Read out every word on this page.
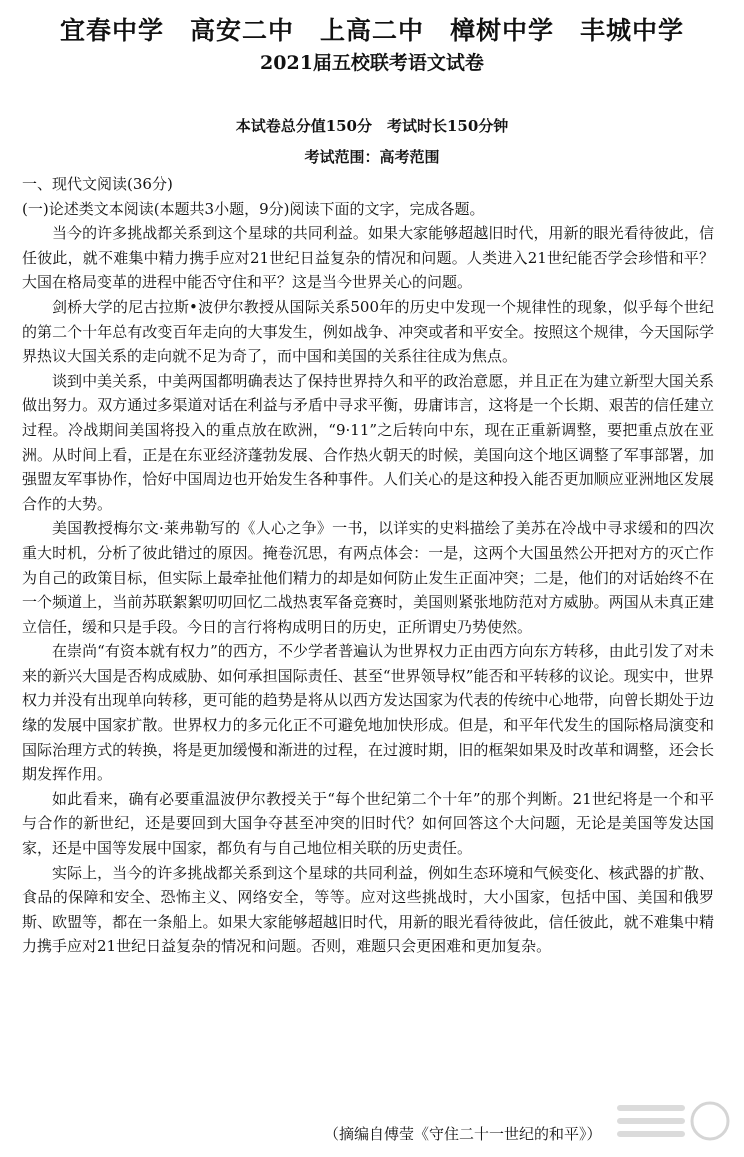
宜春中学　高安二中　上高二中　樟树中学　丰城中学
2021届五校联考语文试卷
本试卷总分值150分　考试时长150分钟
考试范围：高考范围

一、现代文阅读(36分)

(一)论述类文本阅读(本题共3小题，9分)阅读下面的文字，完成各题。

当今的许多挑战都关系到这个星球的共同利益。如果大家能够超越旧时代，用新的眼光看待彼此，信任彼此，就不难集中精力携手应对21世纪日益复杂的情况和问题。人类进入21世纪能否学会珍惜和平？大国在格局变革的进程中能否守住和平？这是当今世界关心的问题。

剑桥大学的尼古拉斯•波伊尔教授从国际关系500年的历史中发现一个规律性的现象，似乎每个世纪的第二个十年总有改变百年走向的大事发生，例如战争、冲突或者和平安全。按照这个规律，今天国际学界热议大国关系的走向就不足为奇了，而中国和美国的关系往往成为焦点。

谈到中美关系，中美两国都明确表达了保持世界持久和平的政治意愿，并且正在为建立新型大国关系做出努力。双方通过多渠道对话在利益与矛盾中寻求平衡，毋庸讳言，这将是一个长期、艰苦的信任建立过程。冷战期间美国将投入的重点放在欧洲，“9·11”之后转向中东，现在正重新调整，要把重点放在亚洲。从时间上看，正是在东亚经济蓬勃发展、合作热火朝天的时候，美国向这个地区调整了军事部署，加强盟友军事协作，恰好中国周边也开始发生各种事件。人们关心的是这种投入能否更加顺应亚洲地区发展合作的大势。

美国教授梅尔文·莱弗勒写的《人心之争》一书，以详实的史料描绘了美苏在冷战中寻求缓和的四次重大时机，分析了彼此错过的原因。掩卷沉思，有两点体会：一是，这两个大国虽然公开把对方的灭亡作为自己的政策目标，但实际上最牵扯他们精力的却是如何防止发生正面冲突；二是，他们的对话始终不在一个频道上，当前苏联絮絮叨叨回忆二战热衷军备竞赛时，美国则紧张地防范对方威胁。两国从未真正建立信任，缓和只是手段。今日的言行将构成明日的历史，正所谓史乃势使然。

在崇尚“有资本就有权力”的西方，不少学者普遍认为世界权力正由西方向东方转移，由此引发了对未来的新兴大国是否构成威胁、如何承担国际责任、甚至“世界领导权”能否和平转移的议论。现实中，世界权力并没有出现单向转移，更可能的趋势是将从以西方发达国家为代表的传统中心地带，向曾长期处于边缘的发展中国家扩散。世界权力的多元化正不可避免地加快形成。但是，和平年代发生的国际格局演变和国际治理方式的转换，将是更加缓慢和渐进的过程，在过渡时期，旧的框架如果及时改革和调整，还会长期发挥作用。

如此看来，确有必要重温波伊尔教授关于“每个世纪第二个十年”的那个判断。21世纪将是一个和平与合作的新世纪，还是要回到大国争夺甚至冲突的旧时代？如何回答这个大问题，无论是美国等发达国家，还是中国等发展中国家，都负有与自己地位相关联的历史责任。

实际上，当今的许多挑战都关系到这个星球的共同利益，例如生态环境和气候变化、核武器的扩散、食品的保障和安全、恐怖主义、网络安全，等等。应对这些挑战时，大小国家，包括中国、美国和俄罗斯、欧盟等，都在一条船上。如果大家能够超越旧时代，用新的眼光看待彼此，信任彼此，就不难集中精力携手应对21世纪日益复杂的情况和问题。否则，难题只会更困难和更加复杂。

（摘编自傅莹《守住二十一世纪的和平》）
